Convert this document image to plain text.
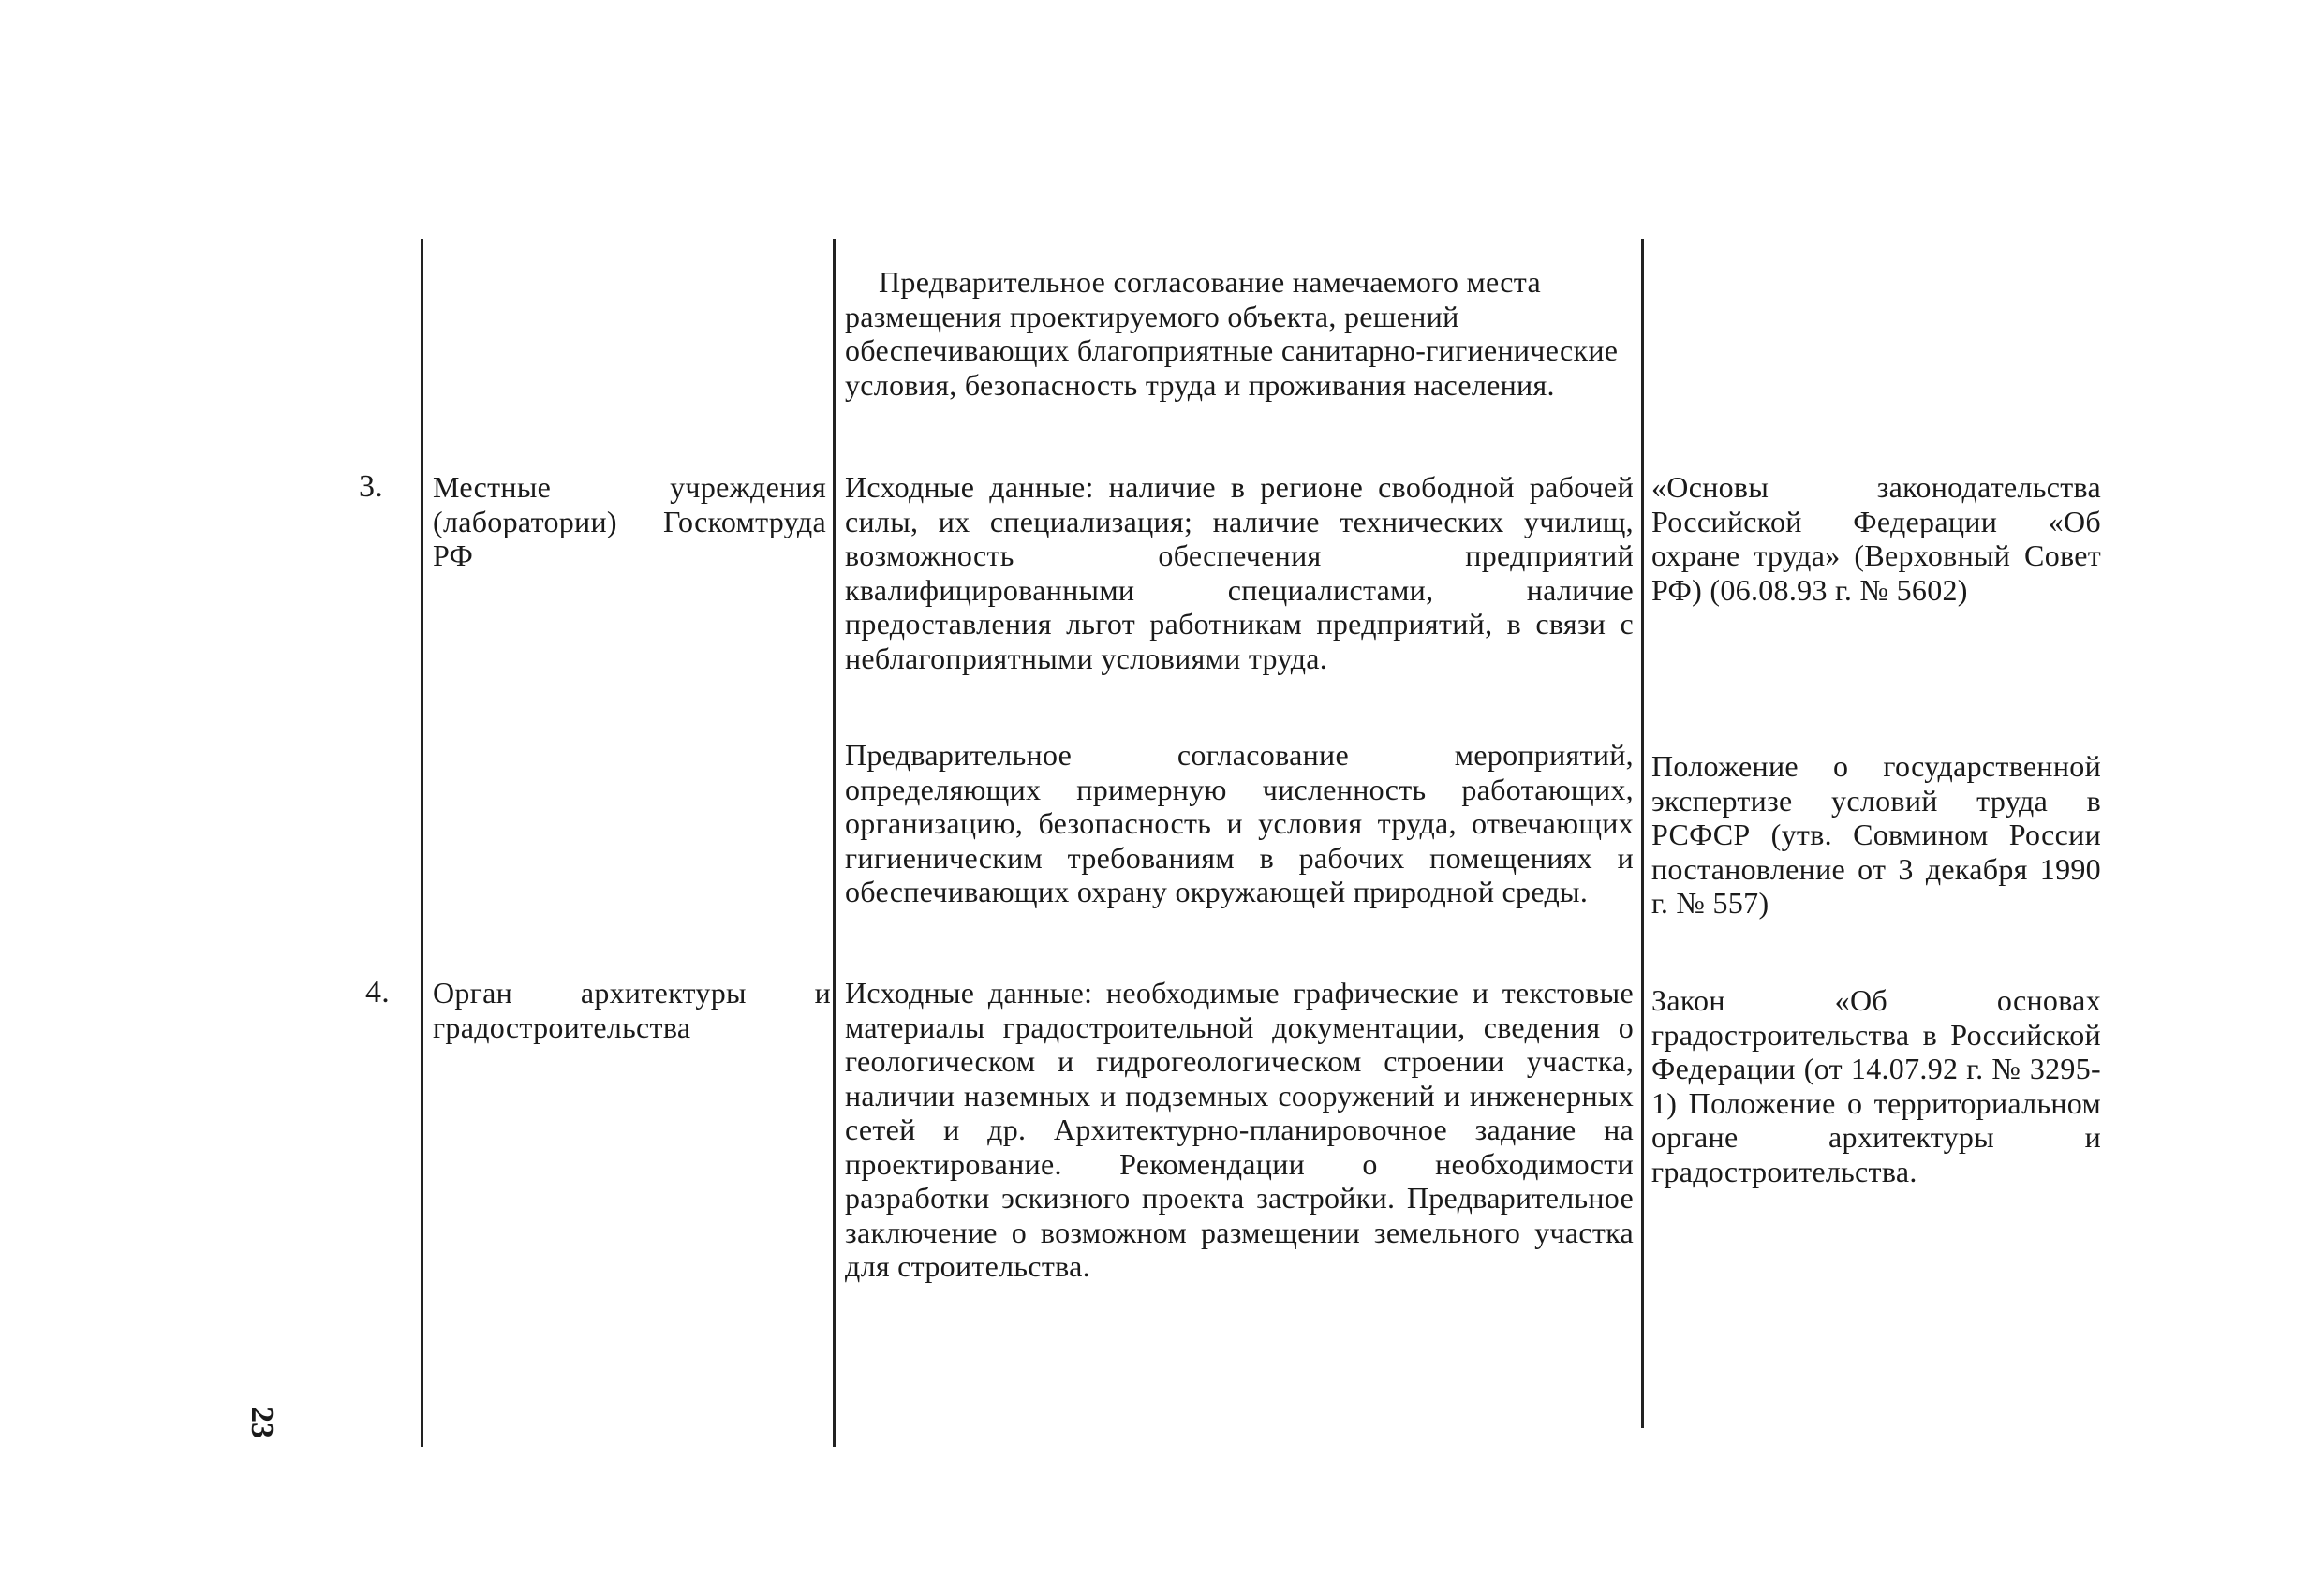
Предварительное согласование намечаемого места размещения проектируемого объекта, решений обеспечивающих благоприятные санитарно-гигиенические условия, безопасность труда и проживания населения.
3. Местные учреждения (лаборатории) Госкомтруда РФ
Исходные данные: наличие в регионе свободной рабочей силы, их специализация; наличие технических училищ, возможность обеспечения предприятий квалифицированными специалистами, наличие предоставления льгот работникам предприятий, в связи с неблагоприятными условиями труда.
«Основы законодательства Российской Федерации «Об охране труда» (Верховный Совет РФ) (06.08.93 г. № 5602)
Предварительное согласование мероприятий, определяющих примерную численность работающих, организацию, безопасность и условия труда, отвечающих гигиеническим требованиям в рабочих помещениях и обеспечивающих охрану окружающей природной среды.
Положение о государственной экспертизе условий труда в РСФСР (утв. Совмином России постановление от 3 декабря 1990 г. № 557)
4. Орган архитектуры и градостроительства
Исходные данные: необходимые графические и текстовые материалы градостроительной документации, сведения о геологическом и гидрогеологическом строении участка, наличии наземных и подземных сооружений и инженерных сетей и др. Архитектурно-планировочное задание на проектирование. Рекомендации о необходимости разработки эскизного проекта застройки. Предварительное заключение о возможном размещении земельного участка для строительства.
Закон «Об основах градостроительства в Российской Федерации (от 14.07.92 г. № 3295-1) Положение о территориальном органе архитектуры и градостроительства.
23
